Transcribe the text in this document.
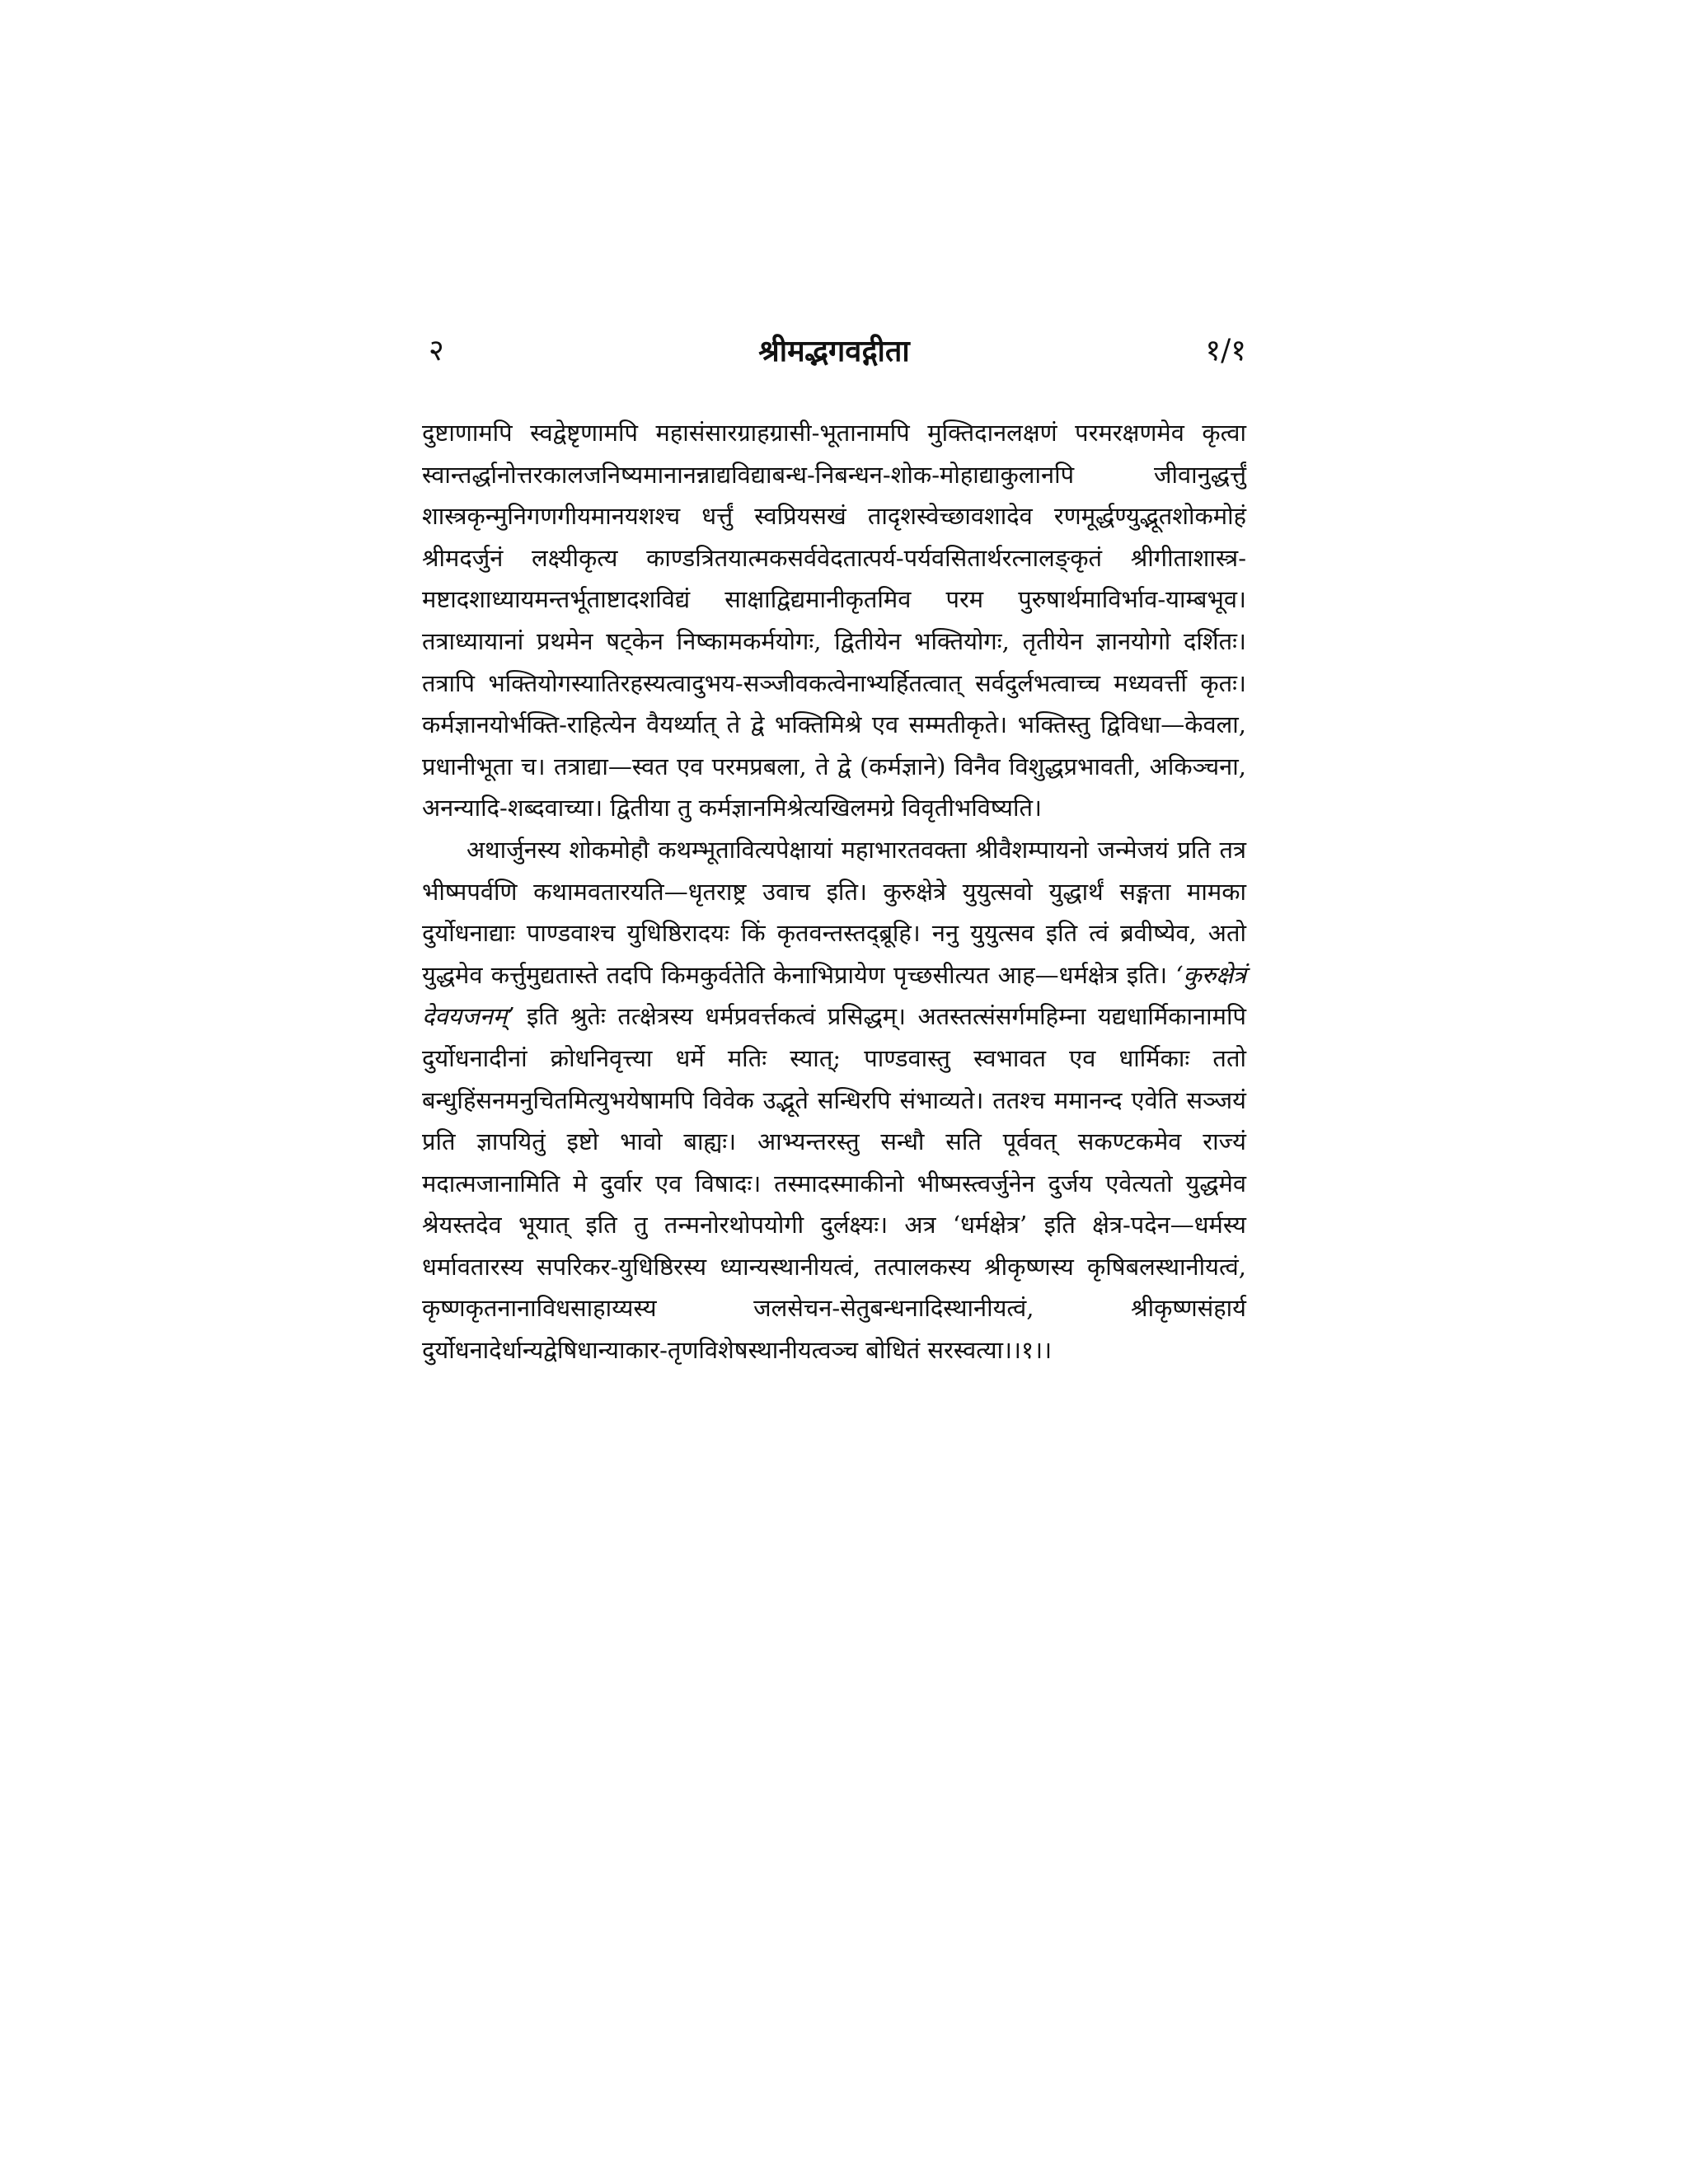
२	श्रीमद्भगवद्गीता	१/१

दुष्टाणामपि स्वद्वेष्टृणामपि महासंसारग्राहग्रासी-भूतानामपि मुक्तिदानलक्षणं परमरक्षणमेव कृत्वा स्वान्तर्द्धानोत्तरकालजनिष्यमानानन्नाद्यविद्याबन्ध-निबन्धन-शोक-मोहाद्याकुलानपि जीवानुद्धर्त्तुं शास्त्रकृन्मुनिगणगीयमानयशश्च धर्त्तुं स्वप्रियसखं तादृशस्वेच्छावशादेव रणमूर्द्धण्युद्भूतशोकमोहं श्रीमदर्जुनं लक्ष्यीकृत्य काण्डत्रितयात्मकसर्ववेदतात्पर्य-पर्यवसितार्थरत्नालङ्कृतं श्रीगीताशास्त्र-मष्टादशाध्यायमन्तर्भूताष्टादशविद्यं साक्षाद्विद्यमानीकृतमिव परम पुरुषार्थमाविर्भाव-याम्बभूव। तत्राध्यायानां प्रथमेन षट्केन निष्कामकर्मयोगः, द्वितीयेन भक्तियोगः, तृतीयेन ज्ञानयोगो दर्शितः। तत्रापि भक्तियोगस्यातिरहस्यत्वादुभय-सञ्जीवकत्वेनाभ्यर्हितत्वात् सर्वदुर्लभत्वाच्च मध्यवर्त्ती कृतः। कर्मज्ञानयोर्भक्ति-राहित्येन वैयर्थ्यात् ते द्वे भक्तिमिश्रे एव सम्मतीकृते। भक्तिस्तु द्विविधा—केवला, प्रधानीभूता च। तत्राद्या—स्वत एव परमप्रबला, ते द्वे (कर्मज्ञाने) विनैव विशुद्धप्रभावती, अकिञ्चना, अनन्यादि-शब्दवाच्या। द्वितीया तु कर्मज्ञानमिश्रेत्यखिलमग्रे विवृतीभविष्यति।

अथार्जुनस्य शोकमोहौ कथम्भूतावित्यपेक्षायां महाभारतवक्ता श्रीवैशम्पायनो जन्मेजयं प्रति तत्र भीष्मपर्वणि कथामवतारयति—धृतराष्ट्र उवाच इति। कुरुक्षेत्रे युयुत्सवो युद्धार्थं सङ्गता मामका दुर्योधनाद्याः पाण्डवाश्च युधिष्ठिरादयः किं कृतवन्तस्तद्ब्रूहि। ननु युयुत्सव इति त्वं ब्रवीष्येव, अतो युद्धमेव कर्त्तुमुद्यतास्ते तदपि किमकुर्वतेति केनाभिप्रायेण पृच्छसीत्यत आह—धर्मक्षेत्र इति। ‘कुरुक्षेत्रं देवयजनम्’ इति श्रुतेः तत्क्षेत्रस्य धर्मप्रवर्त्तकत्वं प्रसिद्धम्। अतस्तत्संसर्गमहिम्ना यद्यधार्मिकानामपि दुर्योधनादीनां क्रोधनिवृत्त्या धर्मे मतिः स्यात्; पाण्डवास्तु स्वभावत एव धार्मिकाः ततो बन्धुहिंसनमनुचितमित्युभयेषामपि विवेक उद्भूते सन्धिरपि संभाव्यते। ततश्च ममानन्द एवेति सञ्जयं प्रति ज्ञापयितुं इष्टो भावो बाह्यः। आभ्यन्तरस्तु सन्धौ सति पूर्ववत् सकण्टकमेव राज्यं मदात्मजानामिति मे दुर्वार एव विषादः। तस्मादस्माकीनो भीष्मस्त्वर्जुनेन दुर्जय एवेत्यतो युद्धमेव श्रेयस्तदेव भूयात् इति तु तन्मनोरथोपयोगी दुर्लक्ष्यः। अत्र ‘धर्मक्षेत्र’ इति क्षेत्र-पदेन—धर्मस्य धर्मावतारस्य सपरिकर-युधिष्ठिरस्य ध्यान्यस्थानीयत्वं, तत्पालकस्य श्रीकृष्णस्य कृषिबलस्थानीयत्वं, कृष्णकृतनानाविधसाहाय्यस्य जलसेचन-सेतुबन्धनादिस्थानीयत्वं, श्रीकृष्णसंहार्य दुर्योधनादेर्धान्यद्वेषिधान्याकार-तृणविशेषस्थानीयत्वञ्च बोधितं सरस्वत्या।।१।।
